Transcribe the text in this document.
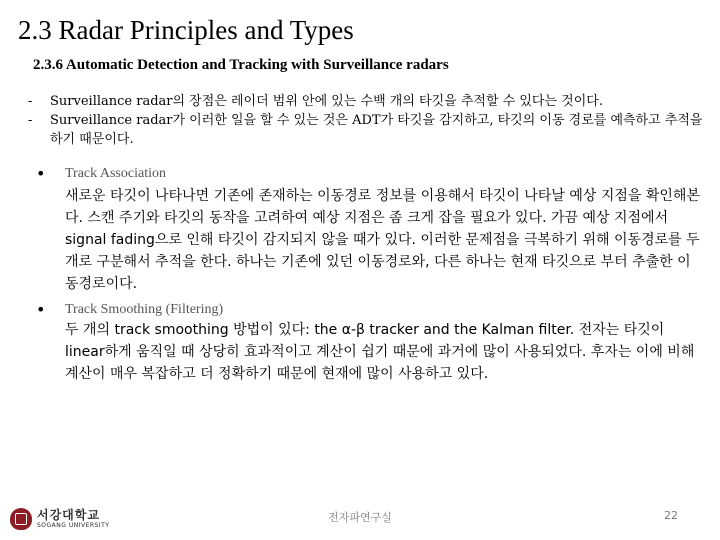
2.3 Radar Principles and Types
2.3.6 Automatic Detection and Tracking with Surveillance radars
- Surveillance radar의 장점은 레이더 범위 안에 있는 수백 개의 타깃을 추적할 수 있다는 것이다.
- Surveillance radar가 이러한 일을 할 수 있는 것은 ADT가 타깃을 감지하고, 타깃의 이동 경로를 예측하고 추적을 하기 때문이다.
• Track Association
새로운 타깃이 나타나면 기존에 존재하는 이동경로 정보를 이용해서 타깃이 나타날 예상 지점을 확인해본다. 스캔 주기와 타깃의 동작을 고려하여 예상 지점은 좀 크게 잡을 필요가 있다. 가끔 예상 지점에서 signal fading으로 인해 타깃이 감지되지 않을 때가 있다. 이러한 문제점을 극복하기 위해 이동경로를 두 개로 구분해서 추적을 한다. 하나는 기존에 있던 이동경로와, 다른 하나는 현재 타깃으로 부터 추출한 이동경로이다.
• Track Smoothing (Filtering)
두 개의 track smoothing 방법이 있다: the α-β tracker and the Kalman filter. 전자는 타깃이 linear하게 움직일 때 상당히 효과적이고 계산이 쉽기 때문에 과거에 많이 사용되었다. 후자는 이에 비해 계산이 매우 복잡하고 더 정확하기 때문에 현재에 많이 사용하고 있다.
서강대학교
SOGANG UNIVERSITY
전자파연구실	22
